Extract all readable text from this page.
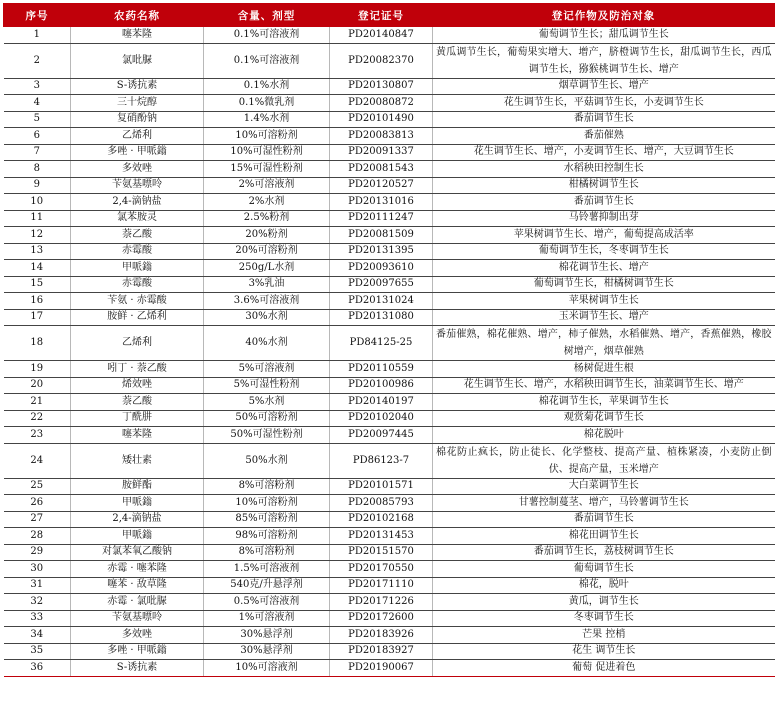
序号	农药名称	含量、剂型	登记证号	登记作物及防治对象
1	噻苯隆	0.1%可溶液剂	PD20140847	葡萄调节生长；甜瓜调节生长
2	氯吡脲	0.1%可溶液剂	PD20082370	黄瓜调节生长，葡萄果实增大、增产，脐橙调节生长，甜瓜调节生长，西瓜调节生长，猕猴桃调节生长、增产
3	S-诱抗素	0.1%水剂	PD20130807	烟草调节生长、增产
4	三十烷醇	0.1%微乳剂	PD20080872	花生调节生长，平菇调节生长，小麦调节生长
5	复硝酚钠	1.4%水剂	PD20101490	番茄调节生长
6	乙烯利	10%可溶粉剂	PD20083813	番茄催熟
7	多唑 · 甲哌鎓	10%可湿性粉剂	PD20091337	花生调节生长、增产，小麦调节生长、增产，大豆调节生长
8	多效唑	15%可湿性粉剂	PD20081543	水稻秧田控制生长
9	苄氨基嘌呤	2%可溶液剂	PD20120527	柑橘树调节生长
10	2,4-滴钠盐	2%水剂	PD20131016	番茄调节生长
11	氯苯胺灵	2.5%粉剂	PD20111247	马铃薯抑制出芽
12	萘乙酸	20%粉剂	PD20081509	苹果树调节生长、增产，葡萄提高成活率
13	赤霉酸	20%可溶粉剂	PD20131395	葡萄调节生长，冬枣调节生长
14	甲哌鎓	250g/L水剂	PD20093610	棉花调节生长、增产
15	赤霉酸	3%乳油	PD20097655	葡萄调节生长，柑橘树调节生长
16	苄氨 · 赤霉酸	3.6%可溶液剂	PD20131024	苹果树调节生长
17	胺鲜 · 乙烯利	30%水剂	PD20131080	玉米调节生长、增产
18	乙烯利	40%水剂	PD84125-25	番茄催熟，棉花催熟、增产，柿子催熟，水稻催熟、增产，香蕉催熟，橡胶树增产，烟草催熟
19	吲丁 · 萘乙酸	5%可溶液剂	PD20110559	杨树促进生根
20	烯效唑	5%可湿性粉剂	PD20100986	花生调节生长、增产，水稻秧田调节生长，油菜调节生长、增产
21	萘乙酸	5%水剂	PD20140197	棉花调节生长，苹果调节生长
22	丁酰肼	50%可溶粉剂	PD20102040	观赏菊花调节生长
23	噻苯隆	50%可湿性粉剂	PD20097445	棉花脱叶
24	矮壮素	50%水剂	PD86123-7	棉花防止疯长，防止徒长、化学整枝、提高产量、植株紧凑，小麦防止倒伏、提高产量，玉米增产
25	胺鲜酯	8%可溶粉剂	PD20101571	大白菜调节生长
26	甲哌鎓	10%可溶粉剂	PD20085793	甘薯控制蔓茎、增产，马铃薯调节生长
27	2,4-滴钠盐	85%可溶粉剂	PD20102168	番茄调节生长
28	甲哌鎓	98%可溶粉剂	PD20131453	棉花田调节生长
29	对氯苯氧乙酸钠	8%可溶粉剂	PD20151570	番茄调节生长，荔枝树调节生长
30	赤霉 · 噻苯隆	1.5%可溶液剂	PD20170550	葡萄调节生长
31	噻苯 · 敌草隆	540克/升悬浮剂	PD20171110	棉花，脱叶
32	赤霉 · 氯吡脲	0.5%可溶液剂	PD20171226	黄瓜，调节生长
33	苄氨基嘌呤	1%可溶液剂	PD20172600	冬枣调节生长
34	多效唑	30%悬浮剂	PD20183926	芒果 控梢
35	多唑 · 甲哌鎓	30%悬浮剂	PD20183927	花生 调节生长
36	S-诱抗素	10%可溶液剂	PD20190067	葡萄 促进着色
